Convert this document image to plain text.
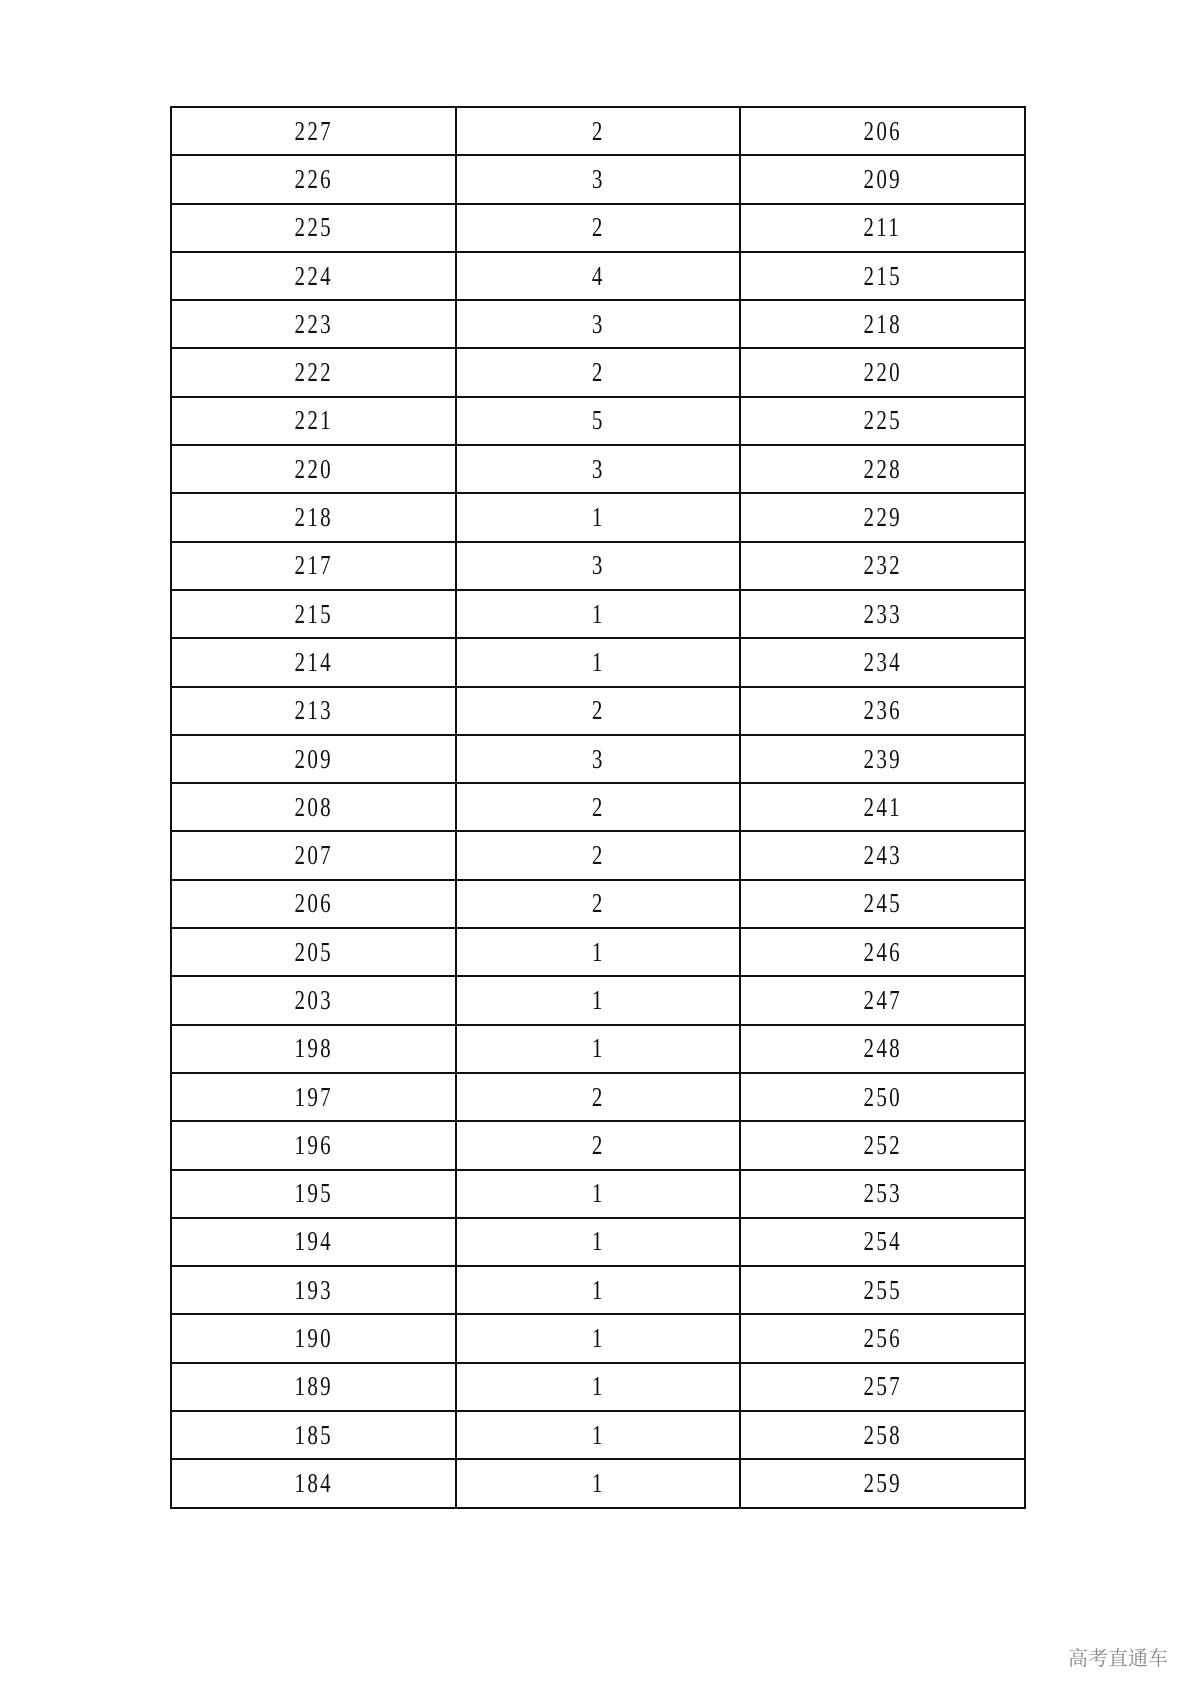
227	2	206
226	3	209
225	2	211
224	4	215
223	3	218
222	2	220
221	5	225
220	3	228
218	1	229
217	3	232
215	1	233
214	1	234
213	2	236
209	3	239
208	2	241
207	2	243
206	2	245
205	1	246
203	1	247
198	1	248
197	2	250
196	2	252
195	1	253
194	1	254
193	1	255
190	1	256
189	1	257
185	1	258
184	1	259
高考直通车
